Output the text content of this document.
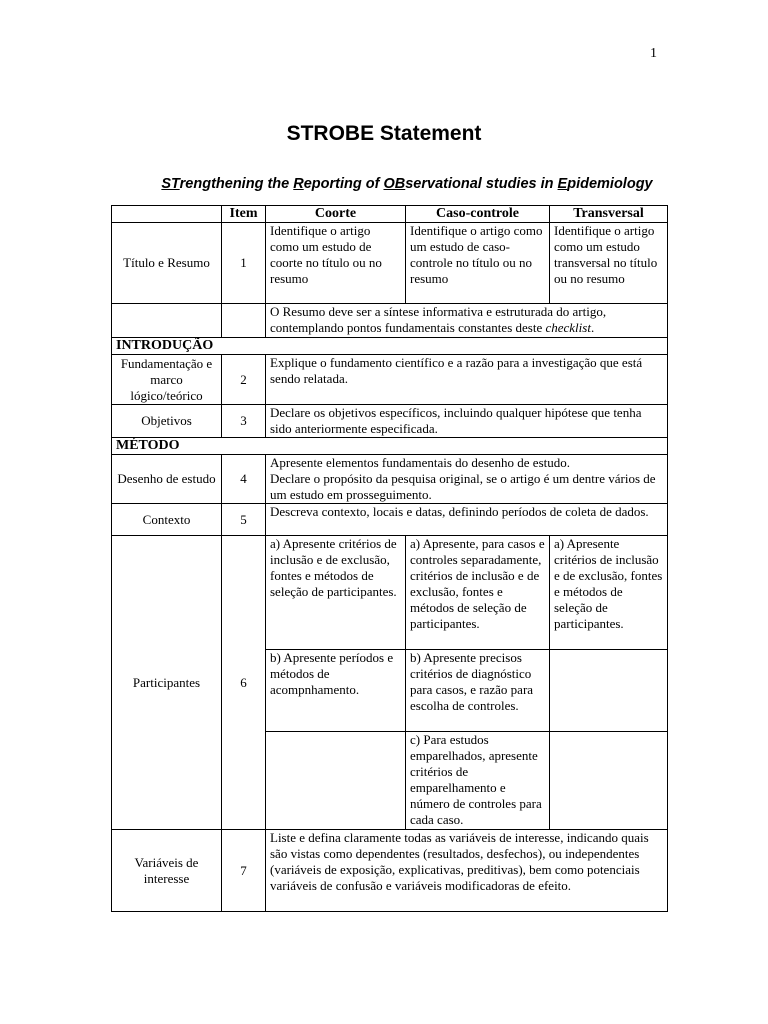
1
STROBE Statement
STrengthening the Reporting of OBservational studies in Epidemiology
	Item	Coorte	Caso-controle	Transversal
Título e Resumo	1	Identifique o artigo como um estudo de coorte no título ou no resumo	Identifique o artigo como um estudo de caso-controle no título ou no resumo	Identifique o artigo como um estudo transversal no título ou no resumo
		O Resumo deve ser a síntese informativa e estruturada do artigo, contemplando pontos fundamentais constantes deste checklist.		
INTRODUÇÃO				
Fundamentação e marco lógico/teórico	2	Explique o fundamento científico e a razão para a investigação que está sendo relatada.		
Objetivos	3	Declare os objetivos específicos, incluindo qualquer hipótese que tenha sido anteriormente especificada.		
MÉTODO				
Desenho de estudo	4	Apresente elementos fundamentais do desenho de estudo.
Declare o propósito da pesquisa original, se o artigo é um dentre vários de um estudo em prosseguimento.		

Contexto	5	Descreva contexto, locais e datas, definindo períodos de coleta de dados.		
Participantes	6	a) Apresente critérios de inclusão e de exclusão, fontes e métodos de seleção de participantes.	a) Apresente, para casos e controles separadamente, critérios de inclusão e de exclusão, fontes e métodos de seleção de participantes.	a) Apresente critérios de inclusão e de exclusão, fontes e métodos de seleção de participantes.
		b) Apresente períodos e métodos de acompnhamento.	b) Apresente precisos critérios de diagnóstico para casos, e razão para escolha de controles.	
			c) Para estudos emparelhados, apresente critérios de emparelhamento e número de controles para cada caso.	
Variáveis de interesse	7	Liste e defina claramente todas as variáveis de interesse, indicando quais são vistas como dependentes (resultados, desfechos), ou independentes (variáveis de exposição, explicativas, preditivas), bem como potenciais variáveis de confusão e variáveis modificadoras de efeito.		
